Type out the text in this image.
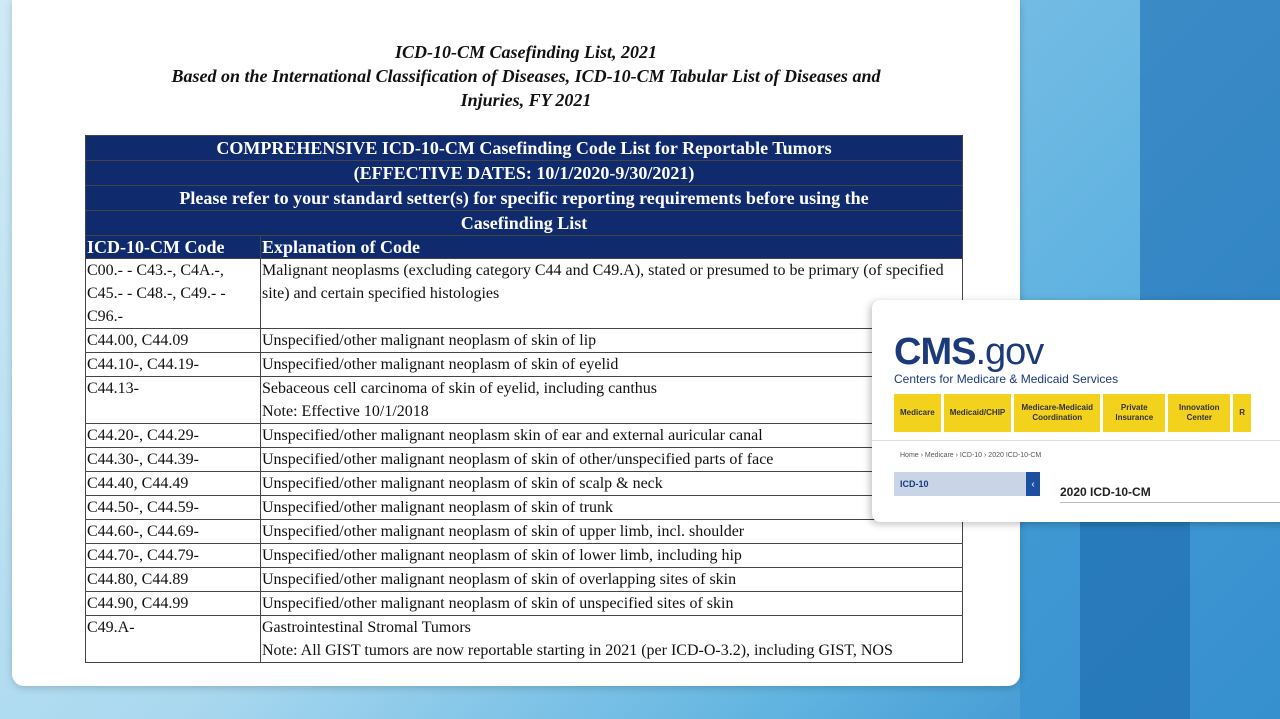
ICD-10-CM Casefinding List, 2021
Based on the International Classification of Diseases, ICD-10-CM Tabular List of Diseases and
Injuries, FY 2021
COMPREHENSIVE ICD-10-CM Casefinding Code List for Reportable Tumors	
(EFFECTIVE DATES: 10/1/2020-9/30/2021)	
Please refer to your standard setter(s) for specific reporting requirements before using the	
Casefinding List	
ICD-10-CM Code	Explanation of Code
C00.- - C43.-, C4A.-, C45.- - C48.-, C49.- -C96.-	Malignant neoplasms (excluding category C44 and C49.A), stated or presumed to be primary (of specified site) and certain specified histologies

C44.00, C44.09	Unspecified/other malignant neoplasm of skin of lip

C44.10-, C44.19-	Unspecified/other malignant neoplasm of skin of eyelid

C44.13-	Sebaceous cell carcinoma of skin of eyelid, including canthus
Note: Effective 10/1/2018

C44.20-, C44.29-	Unspecified/other malignant neoplasm skin of ear and external auricular canal

C44.30-, C44.39-	Unspecified/other malignant neoplasm of skin of other/unspecified parts of face

C44.40, C44.49	Unspecified/other malignant neoplasm of skin of scalp & neck

C44.50-, C44.59-	Unspecified/other malignant neoplasm of skin of trunk

C44.60-, C44.69-	Unspecified/other malignant neoplasm of skin of upper limb, incl. shoulder

C44.70-, C44.79-	Unspecified/other malignant neoplasm of skin of lower limb, including hip

C44.80, C44.89	Unspecified/other malignant neoplasm of skin of overlapping sites of skin

C44.90, C44.99	Unspecified/other malignant neoplasm of skin of unspecified sites of skin

C49.A-	Gastrointestinal Stromal Tumors
Note: All GIST tumors are now reportable starting in 2021 (per ICD-O-3.2), including GIST, NOS
CMS.gov
Centers for Medicare & Medicaid Services
Medicare	Medicaid/CHIP
Medicare-Medicaid Coordination
Private Insurance
Innovation Center
R
Home › Medicare › ICD-10 › 2020 ICD-10-CM
ICD-10	‹
2020 ICD-10-CM
